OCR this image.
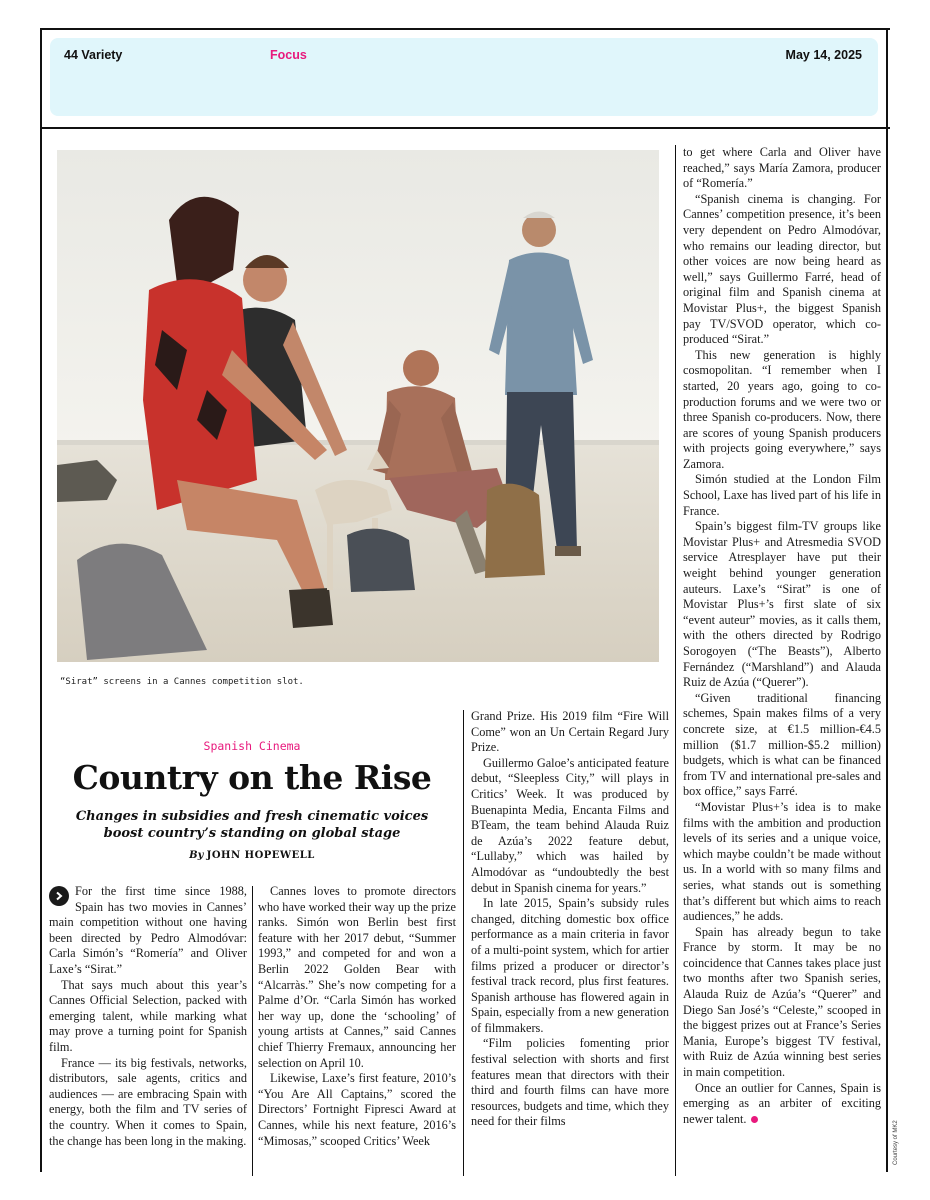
44 Variety	Focus	May 14, 2025
“Sirat” screens in a Cannes competition slot.
Spanish Cinema
Country on the Rise
Changes in subsidies and fresh cinematic voices boost country’s standing on global stage
By JOHN HOPEWELL

For the first time since 1988, Spain has two movies in Cannes’ main competition without one having been directed by Pedro Almodóvar: Carla Simón’s “Romería” and Oliver Laxe’s “Sirat.”

That says much about this year’s Cannes Official Selection, packed with emerging talent, while marking what may prove a turning point for Spanish film.

France — its big festivals, networks, distributors, sale agents, critics and audiences — are embracing Spain with energy, both the film and TV series of the country. When it comes to Spain, the change has been long in the making.

Cannes loves to promote directors who have worked their way up the prize ranks. Simón won Berlin best first feature with her 2017 debut, “Summer 1993,” and competed for and won a Berlin 2022 Golden Bear with “Alcarràs.” She’s now competing for a Palme d’Or. “Carla Simón has worked her way up, done the ‘schooling’ of young artists at Cannes,” said Cannes chief Thierry Fremaux, announcing her selection on April 10.

Likewise, Laxe’s first feature, 2010’s “You Are All Captains,” scored the Directors’ Fortnight Fipresci Award at Cannes, while his next feature, 2016’s “Mimosas,” scooped Critics’ Week

Grand Prize. His 2019 film “Fire Will Come” won an Un Certain Regard Jury Prize.

Guillermo Galoe’s anticipated feature debut, “Sleepless City,” will plays in Critics’ Week. It was produced by Buenapinta Media, Encanta Films and BTeam, the team behind Alauda Ruiz de Azúa’s 2022 feature debut, “Lullaby,” which was hailed by Almodóvar as “undoubtedly the best debut in Spanish cinema for years.”

In late 2015, Spain’s subsidy rules changed, ditching domestic box office performance as a main criteria in favor of a multi-point system, which for artier films prized a producer or director’s festival track record, plus first features. Spanish arthouse has flowered again in Spain, especially from a new generation of filmmakers.

“Film policies fomenting prior festival selection with shorts and first features mean that directors with their third and fourth films can have more resources, budgets and time, which they need for their films

to get where Carla and Oliver have reached,” says María Zamora, producer of “Romería.”

“Spanish cinema is changing. For Cannes’ competition presence, it’s been very dependent on Pedro Almodóvar, who remains our leading director, but other voices are now being heard as well,” says Guillermo Farré, head of original film and Spanish cinema at Movistar Plus+, the biggest Spanish pay TV/SVOD operator, which co-produced “Sirat.”

This new generation is highly cosmopolitan. “I remember when I started, 20 years ago, going to co-production forums and we were two or three Spanish co-producers. Now, there are scores of young Spanish producers with projects going everywhere,” says Zamora.

Simón studied at the London Film School, Laxe has lived part of his life in France.

Spain’s biggest film-TV groups like Movistar Plus+ and Atresmedia SVOD service Atresplayer have put their weight behind younger generation auteurs. Laxe’s “Sirat” is one of Movistar Plus+’s first slate of six “event auteur” movies, as it calls them, with the others directed by Rodrigo Sorogoyen (“The Beasts”), Alberto Fernández (“Marshland”) and Alauda Ruiz de Azúa (“Querer”).

“Given traditional financing schemes, Spain makes films of a very concrete size, at €1.5 million-€4.5 million ($1.7 million-$5.2 million) budgets, which is what can be financed from TV and international pre-sales and box office,” says Farré.

“Movistar Plus+’s idea is to make films with the ambition and production levels of its series and a unique voice, which maybe couldn’t be made without us. In a world with so many films and series, what stands out is something that’s different but which aims to reach audiences,” he adds.

Spain has already begun to take France by storm. It may be no coincidence that Cannes takes place just two months after two Spanish series, Alauda Ruiz de Azúa’s “Querer” and Diego San José’s “Celeste,” scooped in the biggest prizes out at France’s Series Mania, Europe’s biggest TV festival, with Ruiz de Azúa winning best series in main competition.

Once an outlier for Cannes, Spain is emerging as an arbiter of exciting newer talent.

Courtesy of MK2
